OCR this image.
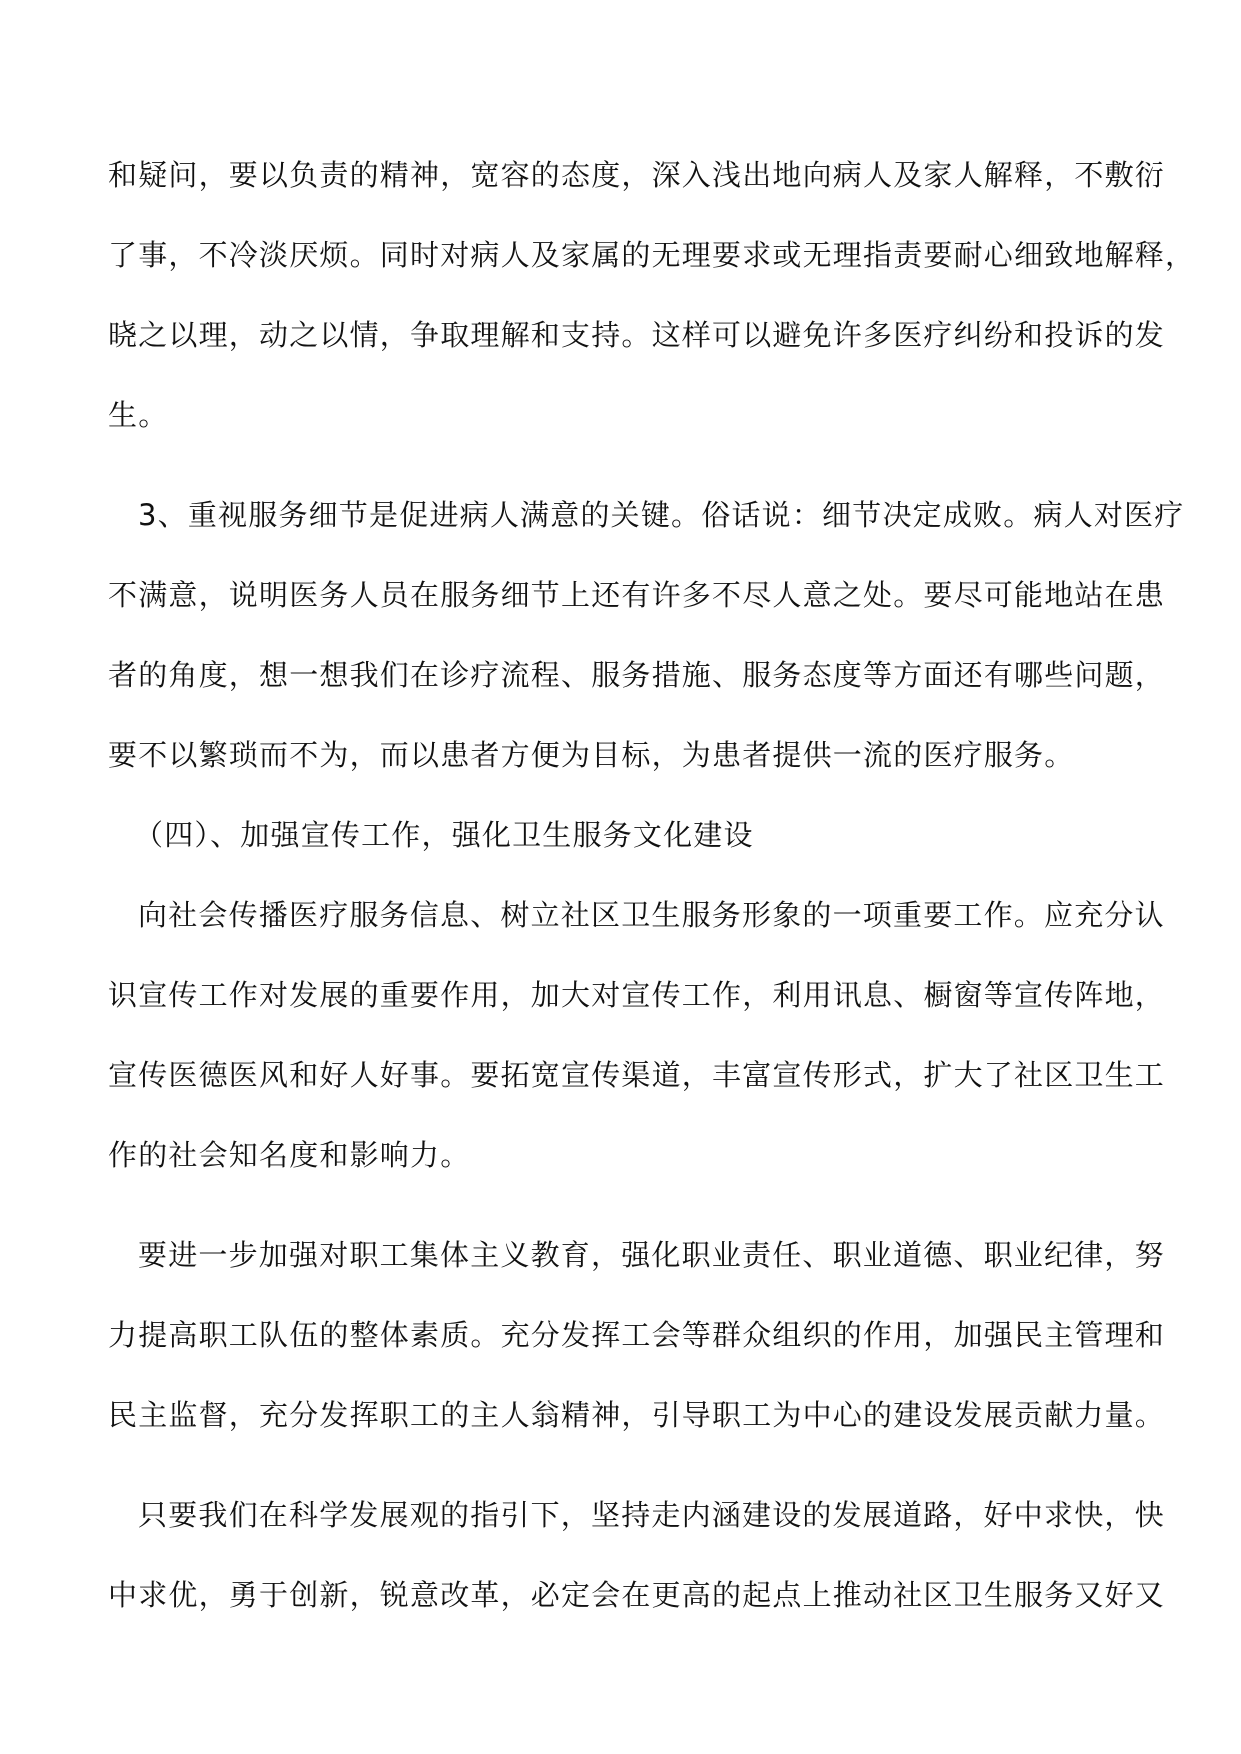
和疑问，要以负责的精神，宽容的态度，深入浅出地向病人及家人解释，不敷衍
了事，不冷淡厌烦。同时对病人及家属的无理要求或无理指责要耐心细致地解释，
晓之以理，动之以情，争取理解和支持。这样可以避免许多医疗纠纷和投诉的发
生。
3、重视服务细节是促进病人满意的关键。俗话说：细节决定成败。病人对医疗
不满意，说明医务人员在服务细节上还有许多不尽人意之处。要尽可能地站在患
者的角度，想一想我们在诊疗流程、服务措施、服务态度等方面还有哪些问题，
要不以繁琐而不为，而以患者方便为目标，为患者提供一流的医疗服务。
（四）、加强宣传工作，强化卫生服务文化建设
向社会传播医疗服务信息、树立社区卫生服务形象的一项重要工作。应充分认
识宣传工作对发展的重要作用，加大对宣传工作，利用讯息、橱窗等宣传阵地，
宣传医德医风和好人好事。要拓宽宣传渠道，丰富宣传形式，扩大了社区卫生工
作的社会知名度和影响力。
要进一步加强对职工集体主义教育，强化职业责任、职业道德、职业纪律，努
力提高职工队伍的整体素质。充分发挥工会等群众组织的作用，加强民主管理和
民主监督，充分发挥职工的主人翁精神，引导职工为中心的建设发展贡献力量。
只要我们在科学发展观的指引下，坚持走内涵建设的发展道路，好中求快，快
中求优，勇于创新，锐意改革，必定会在更高的起点上推动社区卫生服务又好又
